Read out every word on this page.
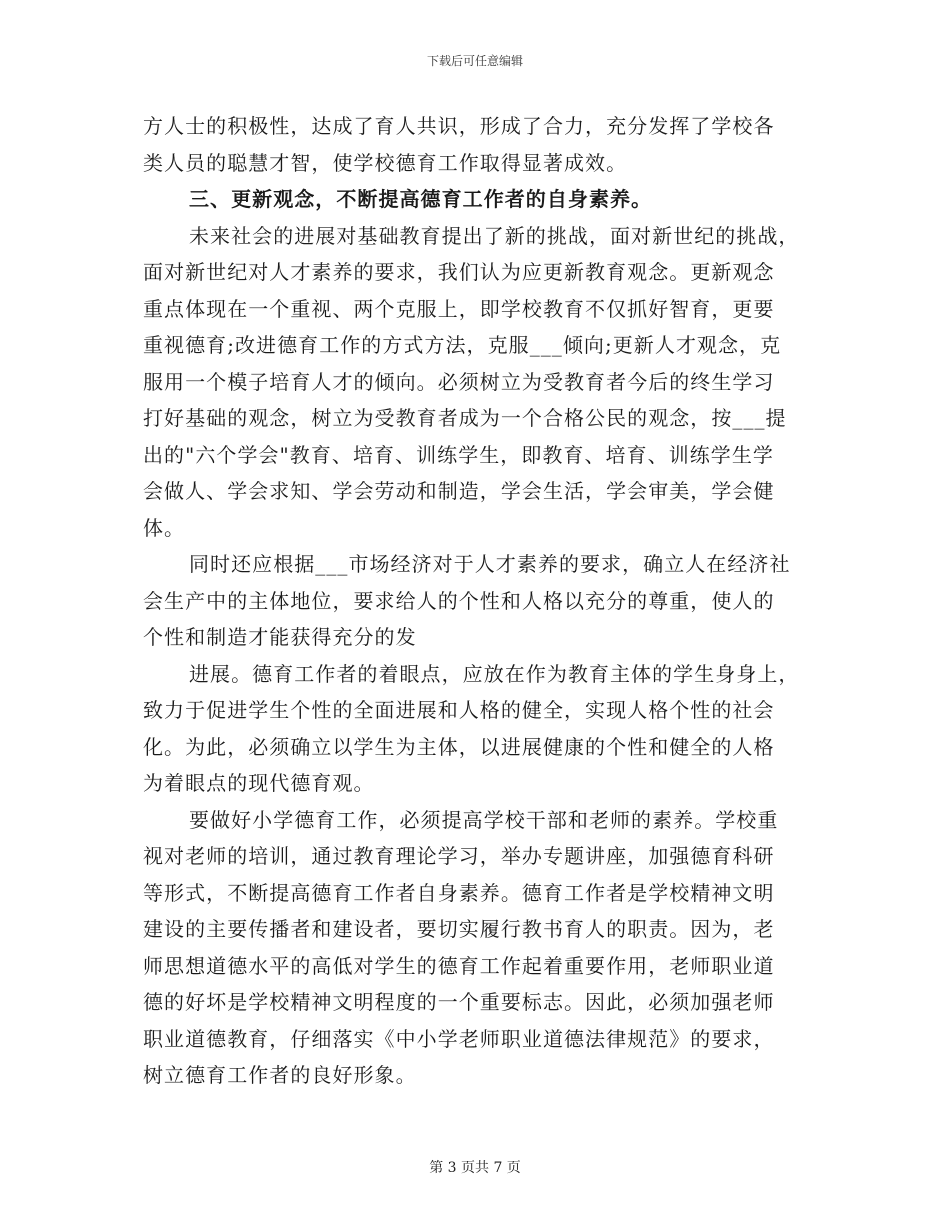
下载后可任意编辑
方人士的积极性，达成了育人共识，形成了合力，充分发挥了学校各
类人员的聪慧才智，使学校德育工作取得显著成效。
三、更新观念，不断提高德育工作者的自身素养。
未来社会的进展对基础教育提出了新的挑战，面对新世纪的挑战，
面对新世纪对人才素养的要求，我们认为应更新教育观念。更新观念
重点体现在一个重视、两个克服上，即学校教育不仅抓好智育，更要
重视德育;改进德育工作的方式方法，克服___倾向;更新人才观念，克
服用一个模子培育人才的倾向。必须树立为受教育者今后的终生学习
打好基础的观念，树立为受教育者成为一个合格公民的观念，按___提
出的"六个学会"教育、培育、训练学生，即教育、培育、训练学生学
会做人、学会求知、学会劳动和制造，学会生活，学会审美，学会健
体。
同时还应根据___市场经济对于人才素养的要求，确立人在经济社
会生产中的主体地位，要求给人的个性和人格以充分的尊重，使人的
个性和制造才能获得充分的发
进展。德育工作者的着眼点，应放在作为教育主体的学生身身上，
致力于促进学生个性的全面进展和人格的健全，实现人格个性的社会
化。为此，必须确立以学生为主体，以进展健康的个性和健全的人格
为着眼点的现代德育观。
要做好小学德育工作，必须提高学校干部和老师的素养。学校重
视对老师的培训，通过教育理论学习，举办专题讲座，加强德育科研
等形式，不断提高德育工作者自身素养。德育工作者是学校精神文明
建设的主要传播者和建设者，要切实履行教书育人的职责。因为，老
师思想道德水平的高低对学生的德育工作起着重要作用，老师职业道
德的好坏是学校精神文明程度的一个重要标志。因此，必须加强老师
职业道德教育，仔细落实《中小学老师职业道德法律规范》的要求，
树立德育工作者的良好形象。
第 3 页共 7 页
